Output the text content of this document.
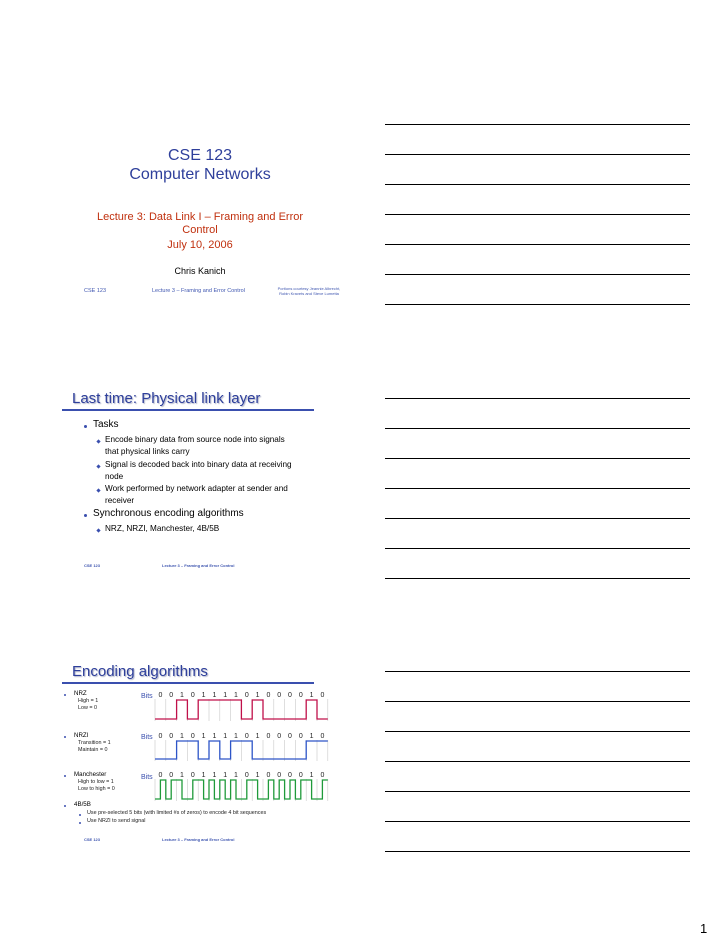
CSE 123
Computer Networks
Lecture 3: Data Link I – Framing and Error
Control
July 10, 2006
Chris Kanich
CSE 123	Lecture 3 – Framing and Error Control	Portions courtesy Jeannie Albrecht,
Robin Kravets and Steve Lumetta
Last time: Physical link layer
Tasks
Encode binary data from source node into signals
that physical links carry
Signal is decoded back into binary data at receiving
node
Work performed by network adapter at sender and
receiver
Synchronous encoding algorithms
NRZ, NRZI, Manchester, 4B/5B
CSE 123	Lecture 3 – Framing and Error Control
Encoding algorithms
NRZ
High = 1
Low = 0
Bits
NRZI
Transition = 1
Maintain = 0
Bits
Manchester
High to low = 1
Low to high = 0
Bits
0 0 1 0 1 1 1 1 0 1 0 0 0 0 1 0
0 0 1 0 1 1 1 1 0 1 0 0 0 0 1 0
0 0 1 0 1 1 1 1 0 1 0 0 0 0 1 0
4B/5B
Use pre-selected 5 bits (with limited #s of zeros) to encode 4 bit sequences
Use NRZI to send signal
CSE 123	Lecture 3 – Framing and Error Control
1
